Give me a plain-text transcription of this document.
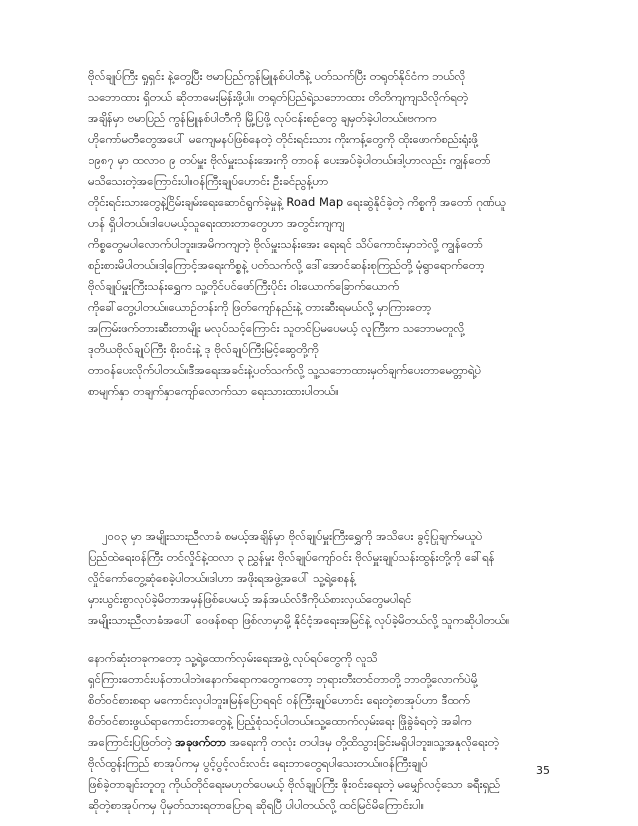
ဗိုလ်ချုပ်ကြီး ရှုရှင်း နဲ့တွေ့ပြီး ဗမာပြည်ကွန်မြူနစ်ပါတီနဲ့ ပတ်သက်ပြီး တရုတ်နိုင်ငံက ဘယ်လို
သဘောထား ရှိတယ် ဆိုတာမေးမြန်းဖို့ပါ။ တရုတ်ပြည်ရဲ့သဘောထား တိတိကျကျသိလိုက်ရတဲ့
အချိန်မှာ ဗမာပြည် ကွန်မြူနစ်ပါတီကို မြို့ပြဖို့ လုပ်ငန်းစဉ်တွေ ချမှတ်ခဲ့ပါတယ်။ဗကက
ဟိုကော်မတီတွေအပေါ် မကျေမနပ်ဖြစ်နေတဲ့ တိုင်းရင်းသား ကိုးကန့်တွေကို ထိုးဖောက်စည်းရုံးဖို့
၁၉၈၇ မှာ ထလာဝ ၉ တပ်မှူး ဗိုလ်မှူးသန်းအေးကို တာဝန် ပေးအပ်ခဲ့ပါတယ်။ဒါ့ဟာလည်း ကျွန်တော်
မသိသေးတဲ့အကြောင်းပါ။ဝန်ကြီးချုပ်ဟောင်း ဦးခင်ညွန့်ဟာ
တိုင်းရင်းသားတွေနဲ့ငြိမ်းချမ်းရေးဆောင်ရွက်ခဲ့မှုနဲ့ Road Map ရေးဆွဲနိုင်ခဲ့တဲ့ ကိစ္စကို အတော် ဂုဏ်ယူ
ဟန် ရှိပါတယ်။ဒါပေမယ့်သူရေးထားတာတွေဟာ အတွင်းကျကျ
ကိစ္စတွေမပါလောက်ပါဘူး။အမိကကျတဲ့ ဗိုလ်မှူးသန်းအေး ရေးရင် သိပ်ကောင်းမှာဘဲလို့ ကျွန်တော်
စဉ်းစားမိပါတယ်။ဒါ့ကြောင့်အရေးကိစ္စနဲ့ ပတ်သက်လို့ ဒေါ်အောင်ဆန်းစုကြည်တို့ မုံရွာရောက်တော့
ဗိုလ်ချုပ်မှူးကြီးသန်းရွှေက သူ့တိုင်ပင်ဖော်ကြီးပိုင်း ဝါးယောက်ခြောက်ယောက်
ကိုခေါ်တွေ့ပါတယ်။ယောဉ်တန်းကို ဖြတ်ကျော်နည်းနဲ့ တားဆီးရမယ်လို့ မှာကြားတော့
အကြမ်းဖက်တားဆီးတာမျိုး မလုပ်သင့်ကြောင်း သူတင်ပြမပေမယ့် လူကြီးက သဘောမတူလို့
ဒုတိယဗိုလ်ချုပ်ကြီး စိုးဝင်းနဲ့ ဒု ဗိုလ်ချုပ်ကြီးမြင့်ဆွေတို့ကို
တာဝန်ပေးလိုက်ပါတယ်။ဒီအရေးအခင်းနဲ့ပတ်သက်လို့ သူ့သဘောထားမှတ်ချက်ပေးတာမေတ္တာရဲ့ပဲ
စာမျက်နှာ တချက်နှာကျော်လောက်သာ ရေးသားထားပါတယ်။
၂၀၀၃ မှာ အမျိုးသားညီလာခံ စမယ့်အချိန်မှာ ဗိုလ်ချုပ်မှူးကြီးရွှေကို အသိပေး ခွင့်ပြုချက်မယူပဲ
ပြည်ထဲရေးဝန်ကြီး တင်လှိုင်နဲ့ထလာ ၃ ညွှန်မှူး ဗိုလ်ချုပ်ကျော်ဝင်း ဗိုလ်မှူးချုပ်သန်းထွန်းတို့ကို ခေါ်ရန်
လှိုင်ကော်တွေ့ဆုံစေခဲ့ပါတယ်။ဒါဟာ အဖိုးရအဖွဲ့အပေါ် သူ့ရဲ့စေနန့်
မှားယွင်းစွာလုပ်ခဲ့မိတာအမှန်ဖြစ်ပေမယ့် အန်အယ်လ်ဒီကိုယ်စားလှယ်တွေမပါရင်
အမျိုးသားညီလာခံအပေါ် ဝေဖန်စရာ ဖြစ်လာမှာမို့ နိုင်ငံ့အရေးအမြင်နဲ့ လုပ်ခဲ့မိတယ်လို့ သူကဆိုပါတယ်။
နောက်ဆုံးတခုကတော့ သူ့ရဲ့ထောက်လှမ်းရေးအဖွဲ့ လုပ်ရပ်တွေကို လူသိ
ရှင်ကြားတောင်းပန်တာပါဘဲ။နောက်ရောကတွေကတော့ ဘုရားတီးတင်တာတို့ ဘာတို့လောက်ပဲမို့
စိတ်ဝင်စားစရာ မကောင်းလှပါဘူး။မြန်ပြောရရင် ဝန်ကြီးချုပ်ဟောင်း ရေးတဲ့စာအုပ်ဟာ ဒီထက်
စိတ်ဝင်စားဖွယ်ရာကောင်းတာတွေနဲ့ ပြည့်စုံသင့်ပါတယ်။သူ့ထောက်လှမ်းရေး ဖြိုခွဲခံရတဲ့ အခါက
အကြောင်းပြဖြတ်တဲ့ အခုဖက်တာ အရေးကို တလုံး တပါဒမှ တို့ထိသွားခြင်းမရှိပါဘူး။သူ့အနုလိုရေးတဲ့
ဗိုလ်ထွန်းကြည် စာအုပ်ကမှ ပွင့်ပွင့်လင်းလင်း ရေးဘာတွေရပါသေးတယ်။ဝန်ကြီးချုပ်
ဖြစ်ခဲ့တာချင်းတူတူ ကိုယ်တိုင်ရေးမဟုတ်ပေမယ့် ဗိုလ်ချုပ်ကြီး ဇိုးဝင်းရေးတဲ့ မမျှော်လင့်သော ခရီးရှည်
ဆိုတဲ့စာအုပ်ကမှ ပိုမှတ်သားရတာပြောရ ဆိုရပြီ ပါပါတယ်လို့ ထင်မြင်မိကြောင်းပါ။
35
